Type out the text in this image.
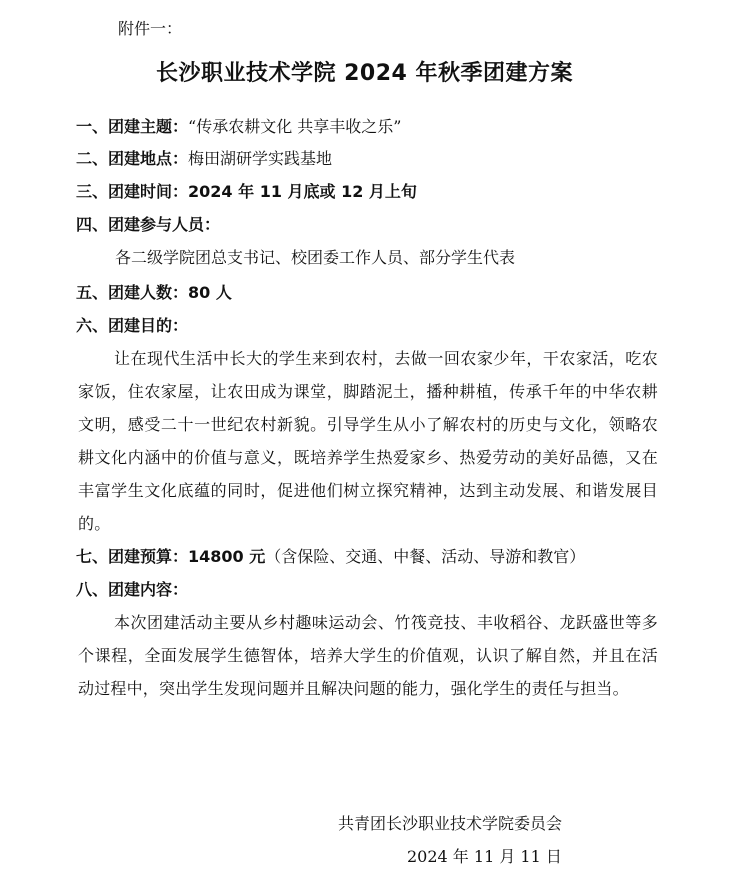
附件一：
长沙职业技术学院 2024 年秋季团建方案
一、团建主题：“传承农耕文化 共享丰收之乐”
二、团建地点：梅田湖研学实践基地
三、团建时间：2024 年 11 月底或 12 月上旬
四、团建参与人员：
各二级学院团总支书记、校团委工作人员、部分学生代表
五、团建人数：80 人
六、团建目的：
让在现代生活中长大的学生来到农村，去做一回农家少年，干农家活，吃农家饭，住农家屋，让农田成为课堂，脚踏泥土，播种耕植，传承千年的中华农耕文明，感受二十一世纪农村新貌。引导学生从小了解农村的历史与文化，领略农耕文化内涵中的价值与意义，既培养学生热爱家乡、热爱劳动的美好品德，又在丰富学生文化底蕴的同时，促进他们树立探究精神，达到主动发展、和谐发展目的。
七、团建预算：14800 元（含保险、交通、中餐、活动、导游和教官）
八、团建内容：
本次团建活动主要从乡村趣味运动会、竹筏竞技、丰收稻谷、龙跃盛世等多个课程，全面发展学生德智体，培养大学生的价值观，认识了解自然，并且在活动过程中，突出学生发现问题并且解决问题的能力，强化学生的责任与担当。
共青团长沙职业技术学院委员会
2024 年 11 月 11 日
